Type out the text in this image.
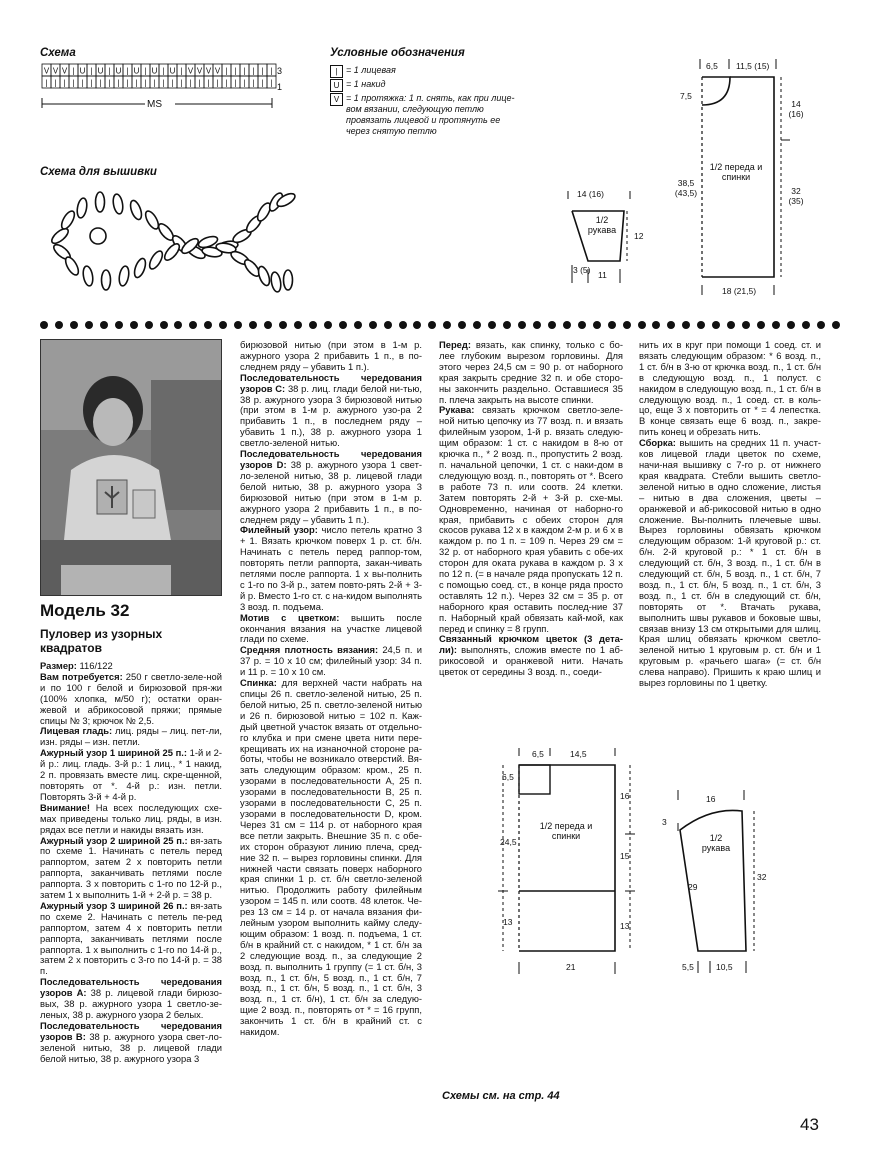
Схема
V V V | U | U | U | U | U | U | V V V V | | | | | |
| | | | | | | | | | | | | | | | | | | | | | | | | |
3
1
MS
Условные обозначения
| = 1 лицевая
U = 1 накид
V = 1 протяжка: 1 п. снять, как при лице-вом вязании, следующую петлю провязать лицевой и протянуть ее через снятую петлю
Схема для вышивки
14 (16)
12
3 (5) 11
1/2 рукава
6,5 11,5 (15)
7,5
14 (16)
38,5 (43,5)	32 (35)
18 (21,5)
1/2 переда и спинки
Модель 32
Пуловер из узорных квадратов

Размер: 116/122

Вам потребуется: 250 г светло-зеле-ной и по 100 г белой и бирюзовой пря-жи (100% хлопка, м/50 г); остатки оран-жевой и абрикосовой пряжи; прямые спицы № 3; крючок № 2,5.

Лицевая гладь: лиц. ряды – лиц. пет-ли, изн. ряды – изн. петли.

Ажурный узор 1 шириной 25 п.: 1-й и 2-й р.: лиц. гладь. 3-й р.: 1 лиц., * 1 накид, 2 п. провязать вместе лиц. скре-щенной, повторять от *. 4-й р.: изн. петли. Повторять 3-й + 4-й р.

Внимание! На всех последующих схе-мах приведены только лиц. ряды, в изн. рядах все петли и накиды вязать изн.

Ажурный узор 2 шириной 25 п.: вя-зать по схеме 1. Начинать с петель перед раппортом, затем 2 х повторить петли раппорта, заканчивать петлями после раппорта. 3 х повторить с 1-го по 12-й р., затем 1 х выполнить 1-й + 2-й р. = 38 р.

Ажурный узор 3 шириной 26 п.: вя-зать по схеме 2. Начинать с петель пе-ред раппортом, затем 4 х повторить петли раппорта, заканчивать петлями после раппорта. 1 х выполнить с 1-го по 14-й р., затем 2 х повторить с 3-го по 14-й р. = 38 п.

Последовательность чередования узоров A: 38 р. лицевой глади бирюзо-вых, 38 р. ажурного узора 1 светло-зе-леных, 38 р. ажурного узора 2 белых.

Последовательность чередования узоров B: 38 р. ажурного узора свет-ло-зеленой нитью, 38 р. лицевой глади белой нитью, 38 р. ажурного узора 3

бирюзовой нитью (при этом в 1-м р. ажурного узора 2 прибавить 1 п., в по-следнем ряду – убавить 1 п.).

Последовательность чередования узоров C: 38 р. лиц. глади белой ни-тью, 38 р. ажурного узора 3 бирюзовой нитью (при этом в 1-м р. ажурного узо-ра 2 прибавить 1 п., в последнем ряду – убавить 1 п.), 38 р. ажурного узора 1 светло-зеленой нитью.

Последовательность чередования узоров D: 38 р. ажурного узора 1 свет-ло-зеленой нитью, 38 р. лицевой глади белой нитью, 38 р. ажурного узора 3 бирюзовой нитью (при этом в 1-м р. ажурного узора 2 прибавить 1 п., в по-следнем ряду – убавить 1 п.).

Филейный узор: число петель кратно 3 + 1. Вязать крючком поверх 1 р. ст. б/н. Начинать с петель перед раппор-том, повторять петли раппорта, закан-чивать петлями после раппорта. 1 х вы-полнить с 1-го по 3-й р., затем повто-рять 2-й + 3-й р. Вместо 1-го ст. с на-кидом выполнять 3 возд. п. подъема.

Мотив с цветком: вышить после окончания вязания на участке лицевой глади по схеме.

Средняя плотность вязания: 24,5 п. и 37 р. = 10 х 10 см; филейный узор: 34 п. и 11 р. = 10 х 10 см.

Спинка: для верхней части набрать на спицы 26 п. светло-зеленой нитью, 25 п. белой нитью, 25 п. светло-зеленой нитью и 26 п. бирюзовой нитью = 102 п. Каж-дый цветной участок вязать от отдельно-го клубка и при смене цвета нити пере-крещивать их на изнаночной стороне ра-боты, чтобы не возникало отверстий. Вя-зать следующим образом: кром., 25 п. узорами в последовательности A, 25 п. узорами в последовательности B, 25 п. узорами в последовательности C, 25 п. узорами в последовательности D, кром. Через 31 см = 114 р. от наборного края все петли закрыть. Внешние 35 п. с обе-их сторон образуют линию плеча, сред-ние 32 п. – вырез горловины спинки. Для нижней части связать поверх наборного края спинки 1 р. ст. б/н светло-зеленой нитью. Продолжить работу филейным узором = 145 п. или соотв. 48 клеток. Че-рез 13 см = 14 р. от начала вязания фи-лейным узором выполнить кайму следу-ющим образом: 1 возд. п. подъема, 1 ст. б/н в крайний ст. с накидом, * 1 ст. б/н за 2 следующие возд. п., за следующие 2 возд. п. выполнить 1 группу (= 1 ст. б/н, 3 возд. п., 1 ст. б/н, 5 возд. п., 1 ст. б/н, 7 возд. п., 1 ст. б/н, 5 возд. п., 1 ст. б/н, 3 возд. п., 1 ст. б/н), 1 ст. б/н за следую-щие 2 возд. п., повторять от * = 16 групп, закончить 1 ст. б/н в крайний ст. с накидом.

Перед: вязать, как спинку, только с бо-лее глубоким вырезом горловины. Для этого через 24,5 см = 90 р. от наборного края закрыть средние 32 п. и обе сторо-ны закончить раздельно. Оставшиеся 35 п. плеча закрыть на высоте спинки.

Рукава: связать крючком светло-зеле-ной нитью цепочку из 77 возд. п. и вязать филейным узором, 1-й р. вязать следую-щим образом: 1 ст. с накидом в 8-ю от крючка п., * 2 возд. п., пропустить 2 возд. п. начальной цепочки, 1 ст. с наки-дом в следующую возд. п., повторять от *. Всего в работе 73 п. или соотв. 24 клетки. Затем повторять 2-й + 3-й р. схе-мы. Одновременно, начиная от наборно-го края, прибавить с обеих сторон для скосов рукава 12 х в каждом 2-м р. и 6 х в каждом р. по 1 п. = 109 п. Через 29 см = 32 р. от наборного края убавить с обе-их сторон для оката рукава в каждом р. 3 х по 12 п. (= в начале ряда пропускать 12 п. с помощью соед. ст., в конце ряда просто оставлять 12 п.). Через 32 см = 35 р. от наборного края оставить послед-ние 37 п. Наборный край обвязать кай-мой, как перед и спинку = 8 групп.

Связанный крючком цветок (3 дета-ли): выполнять, сложив вместе по 1 аб-рикосовой и оранжевой нити. Начать цветок от середины 3 возд. п., соеди-

нить их в круг при помощи 1 соед. ст. и вязать следующим образом: * 6 возд. п., 1 ст. б/н в 3-ю от крючка возд. п., 1 ст. б/н в следующую возд. п., 1 полуст. с накидом в следующую возд. п., 1 ст. б/н в следующую возд. п., 1 соед. ст. в коль-цо, еще 3 х повторить от * = 4 лепестка. В конце связать еще 6 возд. п., закре-пить конец и обрезать нить.

Сборка: вышить на средних 11 п. участ-ков лицевой глади цветок по схеме, начи-ная вышивку с 7-го р. от нижнего края квадрата. Стебли вышить светло-зеленой нитью в одно сложение, листья – нитью в два сложения, цветы – оранжевой и аб-рикосовой нитью в одно сложение. Вы-полнить плечевые швы. Вырез горловины обвязать крючком следующим образом: 1-й круговой р.: ст. б/н. 2-й круговой р.: * 1 ст. б/н в следующий ст. б/н, 3 возд. п., 1 ст. б/н в следующий ст. б/н, 5 возд. п., 1 ст. б/н, 7 возд. п., 1 ст. б/н, 5 возд. п., 1 ст. б/н, 3 возд. п., 1 ст. б/н в следующий ст. б/н, повторять от *. Втачать рукава, выполнить швы рукавов и боковые швы, связав внизу 13 см открытыми для шлиц. Края шлиц обвязать крючком светло-зеленой нитью 1 круговым р. ст. б/н и 1 круговым р. «рачьего шага» (= ст. б/н слева направо). Пришить к краю шлиц и вырез горловины по 1 цветку.

6,5	14,5
6,5
16
24,5
15
13	13
21
1/2 переда и спинки
16
3
29
32
5,5	10,5
1/2 рукава
Схемы см. на стр. 44
43
